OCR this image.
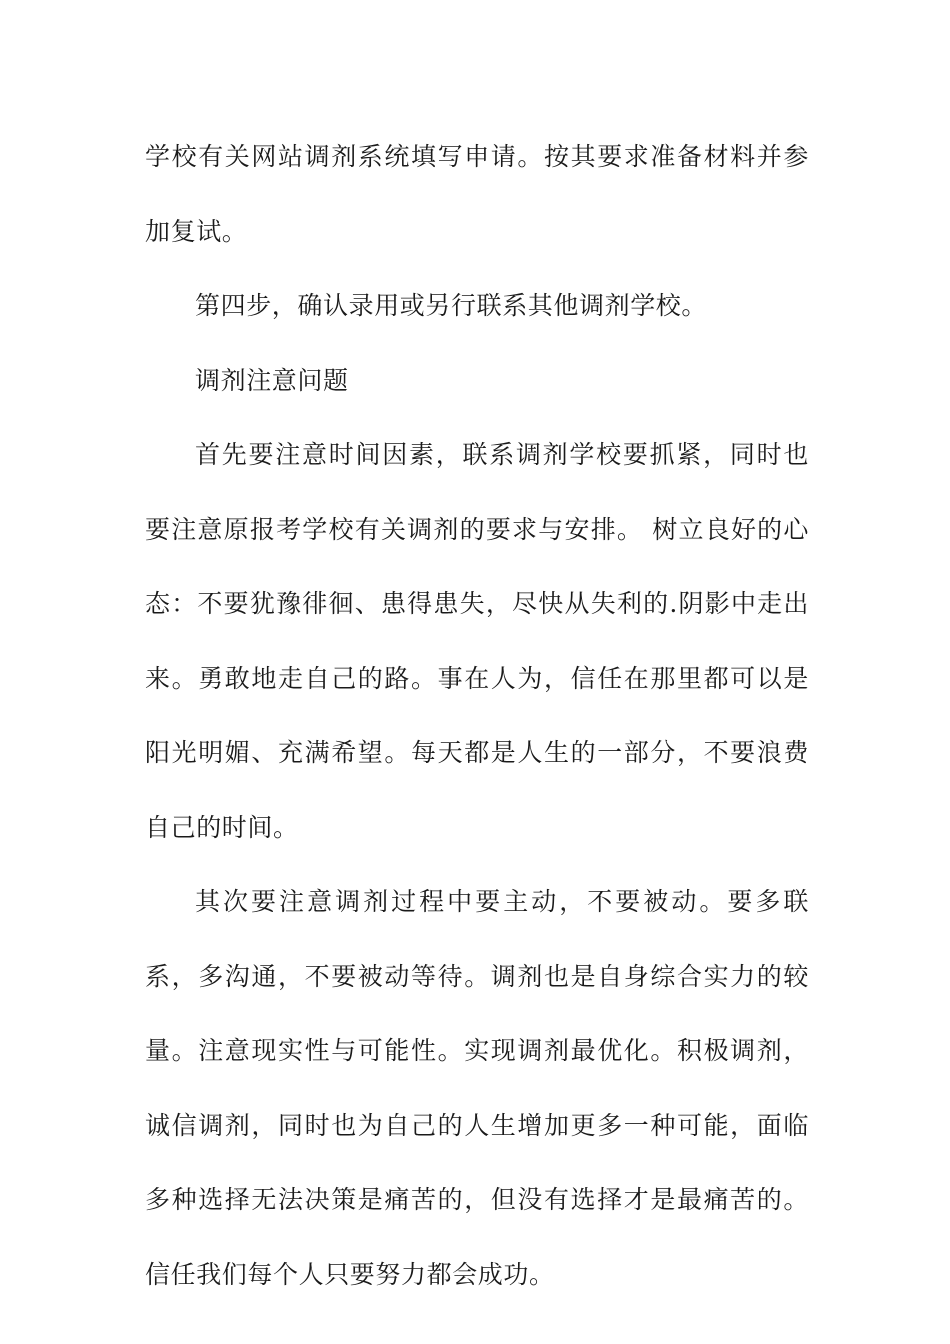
学校有关网站调剂系统填写申请。按其要求准备材料并参加复试。

第四步，确认录用或另行联系其他调剂学校。

调剂注意问题

首先要注意时间因素，联系调剂学校要抓紧，同时也要注意原报考学校有关调剂的要求与安排。 树立良好的心态：不要犹豫徘徊、患得患失，尽快从失利的.阴影中走出来。勇敢地走自己的路。事在人为，信任在那里都可以是阳光明媚、充满希望。每天都是人生的一部分，不要浪费自己的时间。

其次要注意调剂过程中要主动，不要被动。要多联系，多沟通，不要被动等待。调剂也是自身综合实力的较量。注意现实性与可能性。实现调剂最优化。积极调剂，诚信调剂，同时也为自己的人生增加更多一种可能，面临多种选择无法决策是痛苦的，但没有选择才是最痛苦的。信任我们每个人只要努力都会成功。
